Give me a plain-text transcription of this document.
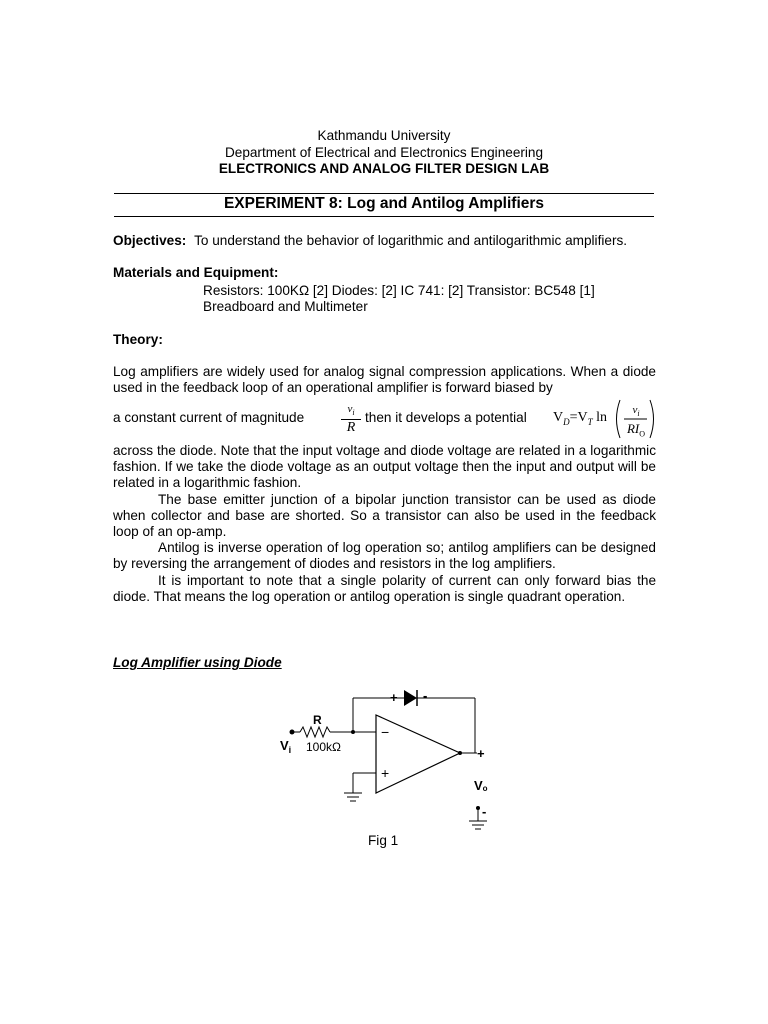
Kathmandu University
Department of Electrical and Electronics Engineering
ELECTRONICS AND ANALOG FILTER DESIGN LAB
EXPERIMENT 8: Log and Antilog Amplifiers
Objectives: To understand the behavior of logarithmic and antilogarithmic amplifiers.
Materials and Equipment:
Resistors: 100KΩ [2] Diodes: [2] IC 741: [2] Transistor: BC548 [1]
Breadboard and Multimeter
Theory:

Log amplifiers are widely used for analog signal compression applications. When a diode used in the feedback loop of an operational amplifier is forward biased by

a constant current of magnitude
$v_i$
R
then it develops a potential $V_D=V_T$ ln	$v_i$
$RI_O$

across the diode. Note that the input voltage and diode voltage are related in a logarithmic fashion. If we take the diode voltage as an output voltage then the input and output will be related in a logarithmic fashion.

The base emitter junction of a bipolar junction transistor can be used as diode when collector and base are shorted. So a transistor can also be used in the feedback loop of an op-amp.

Antilog is inverse operation of log operation so; antilog amplifiers can be designed by reversing the arrangement of diodes and resistors in the log amplifiers.

It is important to note that a single polarity of current can only forward bias the diode. That means the log operation or antilog operation is single quadrant operation.

Log Amplifier using Diode
R
100kΩ
$V_i$
+ -
−
+
+
Vo
-
Fig 1
